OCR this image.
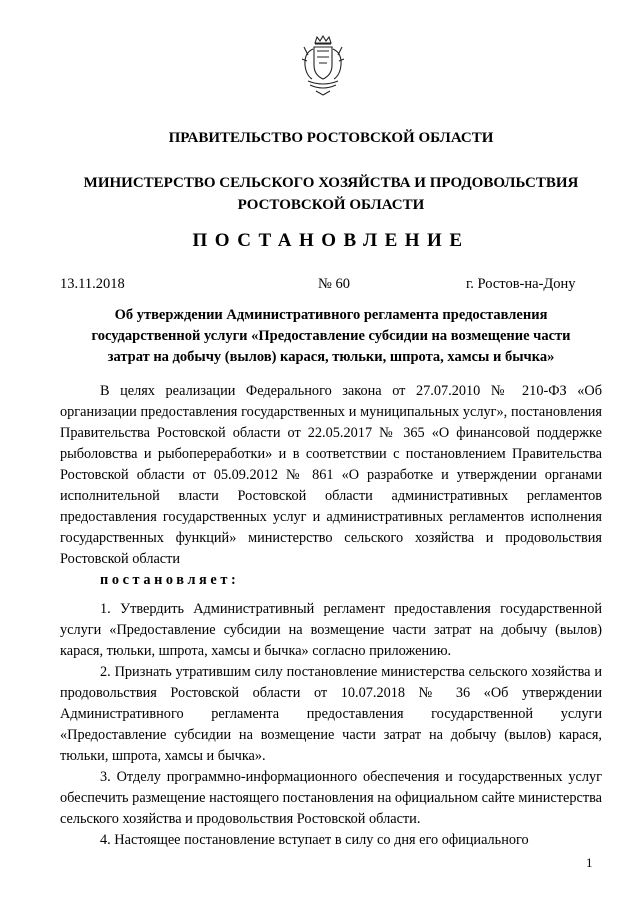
ПРАВИТЕЛЬСТВО РОСТОВСКОЙ ОБЛАСТИ
МИНИСТЕРСТВО СЕЛЬСКОГО ХОЗЯЙСТВА И ПРОДОВОЛЬСТВИЯ
РОСТОВСКОЙ ОБЛАСТИ
ПОСТАНОВЛЕНИЕ
13.11.2018	№ 60	г. Ростов-на-Дону
Об утверждении Административного регламента предоставления
государственной услуги «Предоставление субсидии на возмещение части
затрат на добычу (вылов) карася, тюльки, шпрота, хамсы и бычка»

В целях реализации Федерального закона от 27.07.2010 № 210-ФЗ «Об организации предоставления государственных и муниципальных услуг», постановления Правительства Ростовской области от 22.05.2017 № 365 «О финансовой поддержке рыболовства и рыбопереработки» и в соответствии с постановлением Правительства Ростовской области от 05.09.2012 № 861 «О разработке и утверждении органами исполнительной власти Ростовской области административных регламентов предоставления государственных услуг и административных регламентов исполнения государственных функций» министерство сельского хозяйства и продовольствия Ростовской области

постановляет:

1. Утвердить Административный регламент предоставления государственной услуги «Предоставление субсидии на возмещение части затрат на добычу (вылов) карася, тюльки, шпрота, хамсы и бычка» согласно приложению.

2. Признать утратившим силу постановление министерства сельского хозяйства и продовольствия Ростовской области от 10.07.2018 № 36 «Об утверждении Административного регламента предоставления государственной услуги «Предоставление субсидии на возмещение части затрат на добычу (вылов) карася, тюльки, шпрота, хамсы и бычка».

3. Отделу программно-информационного обеспечения и государственных услуг обеспечить размещение настоящего постановления на официальном сайте министерства сельского хозяйства и продовольствия Ростовской области.

4. Настоящее постановление вступает в силу со дня его официального

1
